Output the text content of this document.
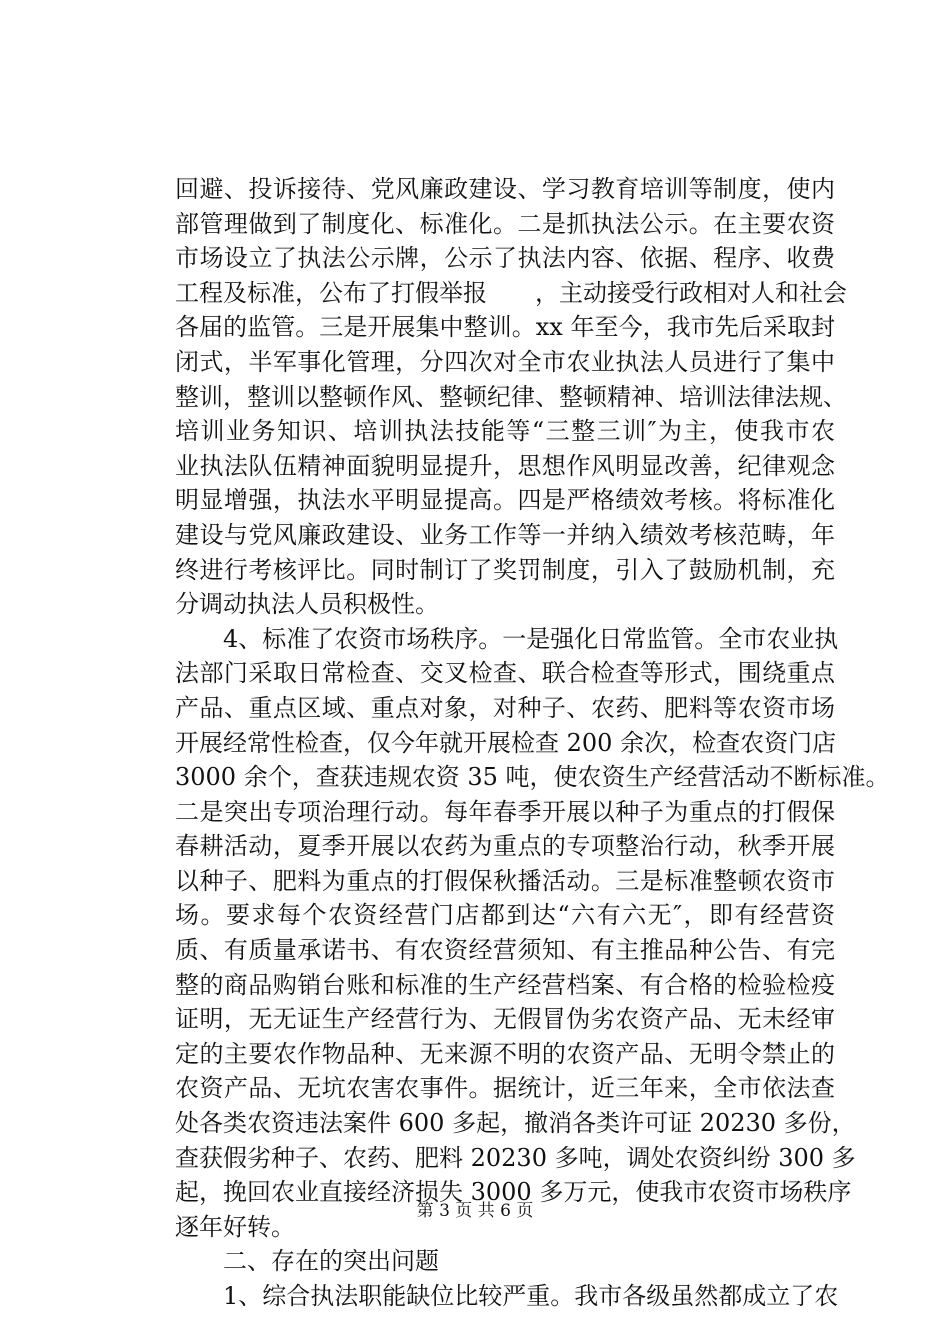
回避、投诉接待、党风廉政建设、学习教育培训等制度，使内
部管理做到了制度化、标准化。二是抓执法公示。在主要农资
市场设立了执法公示牌，公示了执法内容、依据、程序、收费
工程及标准，公布了打假举报　　，主动接受行政相对人和社会
各届的监管。三是开展集中整训。xx 年至今，我市先后采取封
闭式，半军事化管理，分四次对全市农业执法人员进行了集中
整训，整训以整顿作风、整顿纪律、整顿精神、培训法律法规、
培训业务知识、培训执法技能等“三整三训″为主，使我市农
业执法队伍精神面貌明显提升，思想作风明显改善，纪律观念
明显增强，执法水平明显提高。四是严格绩效考核。将标准化
建设与党风廉政建设、业务工作等一并纳入绩效考核范畴，年
终进行考核评比。同时制订了奖罚制度，引入了鼓励机制，充
分调动执法人员积极性。
4、标准了农资市场秩序。一是强化日常监管。全市农业执
法部门采取日常检查、交叉检查、联合检查等形式，围绕重点
产品、重点区域、重点对象，对种子、农药、肥料等农资市场
开展经常性检查，仅今年就开展检查 200 余次，检查农资门店
3000 余个，查获违规农资 35 吨，使农资生产经营活动不断标准。
二是突出专项治理行动。每年春季开展以种子为重点的打假保
春耕活动，夏季开展以农药为重点的专项整治行动，秋季开展
以种子、肥料为重点的打假保秋播活动。三是标准整顿农资市
场。要求每个农资经营门店都到达“六有六无″，即有经营资
质、有质量承诺书、有农资经营须知、有主推品种公告、有完
整的商品购销台账和标准的生产经营档案、有合格的检验检疫
证明，无无证生产经营行为、无假冒伪劣农资产品、无未经审
定的主要农作物品种、无来源不明的农资产品、无明令禁止的
农资产品、无坑农害农事件。据统计，近三年来，全市依法查
处各类农资违法案件 600 多起，撤消各类许可证 20230 多份，
查获假劣种子、农药、肥料 20230 多吨，调处农资纠纷 300 多
起，挽回农业直接经济损失 3000 多万元，使我市农资市场秩序
逐年好转。
二、存在的突出问题
1、综合执法职能缺位比较严重。我市各级虽然都成立了农
第 3 页 共 6 页
